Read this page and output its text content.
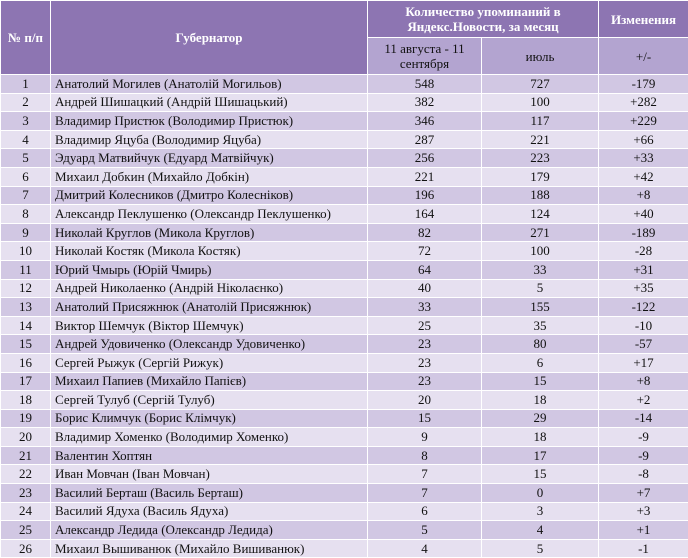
№ п/п	Губернатор	Количество упоминаний в Яндекс.Новости, за месяц		Изменения
		11 августа - 11 сентября	июль	+/-
1	Анатолий Могилев (Анатолій Могильов)	548	727	-179
2	Андрей Шишацкий (Андрій Шишацький)	382	100	+282
3	Владимир Пристюк (Володимир Пристюк)	346	117	+229
4	Владимир Яцуба (Володимир Яцуба)	287	221	+66
5	Эдуард Матвийчук (Едуард Матвійчук)	256	223	+33
6	Михаил Добкин (Михайло Добкін)	221	179	+42
7	Дмитрий Колесников (Дмитро Колесніков)	196	188	+8
8	Александр Пеклушенко (Олександр Пеклушенко)	164	124	+40
9	Николай Круглов (Микола Круглов)	82	271	-189
10	Николай Костяк (Микола Костяк)	72	100	-28
11	Юрий Чмырь (Юрій Чмирь)	64	33	+31
12	Андрей Николаенко (Андрій Ніколаєнко)	40	5	+35
13	Анатолий Присяжнюк (Анатолій Присяжнюк)	33	155	-122
14	Виктор Шемчук (Віктор Шемчук)	25	35	-10
15	Андрей Удовиченко (Олександр Удовиченко)	23	80	-57
16	Сергей Рыжук (Сергій Рижук)	23	6	+17
17	Михаил Папиев (Михайло Папієв)	23	15	+8
18	Сергей Тулуб (Сергій Тулуб)	20	18	+2
19	Борис Климчук (Борис Клімчук)	15	29	-14
20	Владимир Хоменко (Володимир Хоменко)	9	18	-9
21	Валентин Хоптян	8	17	-9
22	Иван Мовчан (Іван Мовчан)	7	15	-8
23	Василий Берташ (Василь Берташ)	7	0	+7
24	Василий Ядуха (Василь Ядуха)	6	3	+3
25	Александр Ледида (Олександр Ледида)	5	4	+1
26	Михаил Вышиванюк (Михайло Вишиванюк)	4	5	-1
